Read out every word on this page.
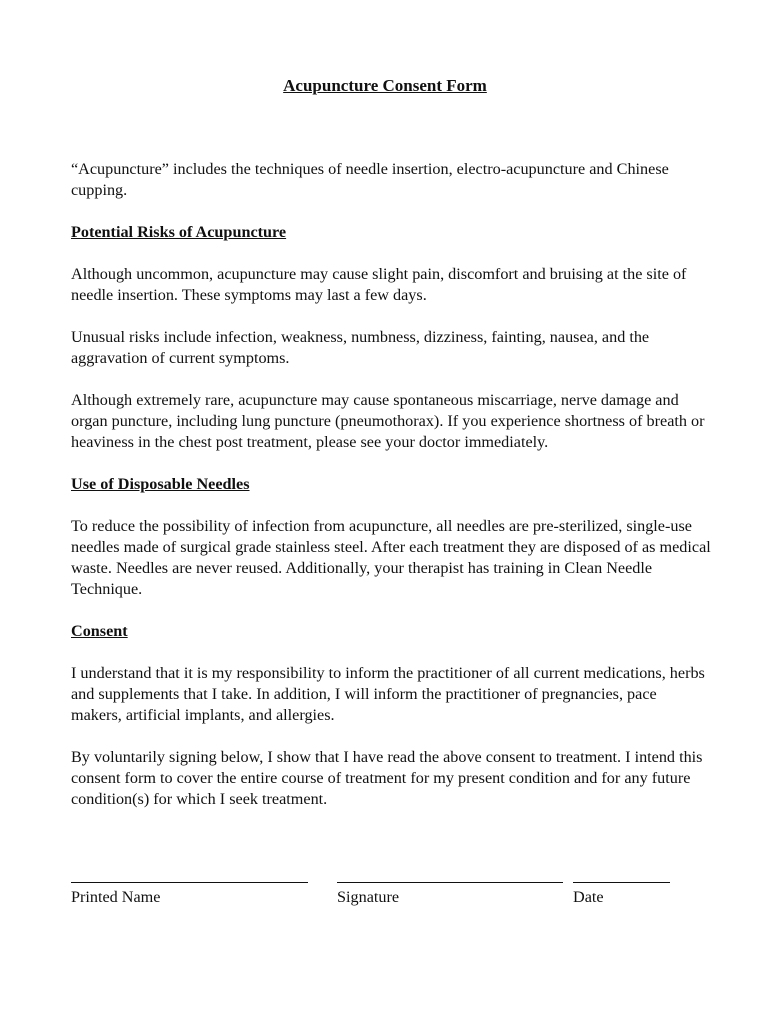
Acupuncture Consent Form

“Acupuncture” includes the techniques of needle insertion, electro-acupuncture and Chinese cupping.

Potential Risks of Acupuncture

Although uncommon, acupuncture may cause slight pain, discomfort and bruising at the site of needle insertion. These symptoms may last a few days.

Unusual risks include infection, weakness, numbness, dizziness, fainting, nausea, and the aggravation of current symptoms.

Although extremely rare, acupuncture may cause spontaneous miscarriage, nerve damage and organ puncture, including lung puncture (pneumothorax). If you experience shortness of breath or heaviness in the chest post treatment, please see your doctor immediately.

Use of Disposable Needles

To reduce the possibility of infection from acupuncture, all needles are pre-sterilized, single-use needles made of surgical grade stainless steel. After each treatment they are disposed of as medical waste. Needles are never reused. Additionally, your therapist has training in Clean Needle Technique.

Consent

I understand that it is my responsibility to inform the practitioner of all current medications, herbs and supplements that I take. In addition, I will inform the practitioner of pregnancies, pace makers, artificial implants, and allergies.

By voluntarily signing below, I show that I have read the above consent to treatment. I intend this consent form to cover the entire course of treatment for my present condition and for any future condition(s) for which I seek treatment.

Printed Name	Signature	Date
